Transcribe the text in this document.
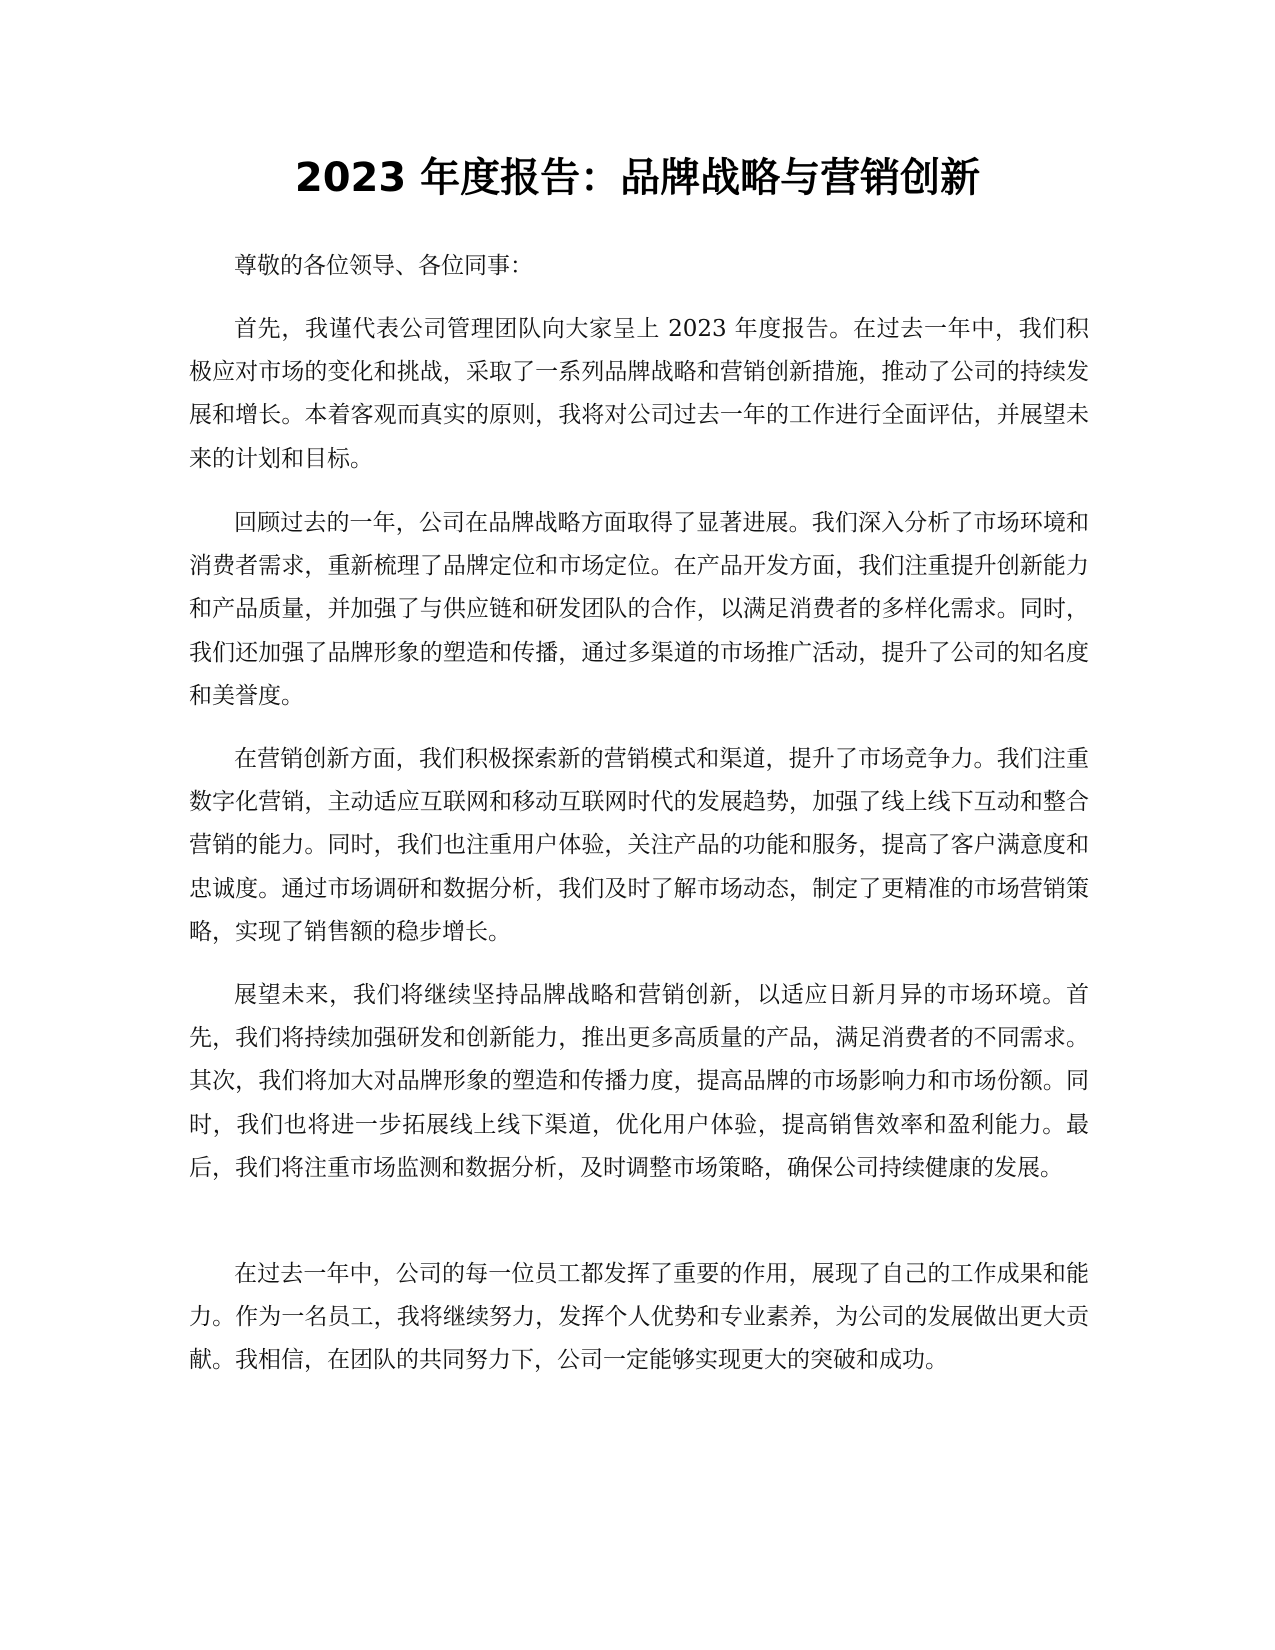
2023 年度报告：品牌战略与营销创新

尊敬的各位领导、各位同事：

首先，我谨代表公司管理团队向大家呈上 2023 年度报告。在过去一年中，我们积极应对市场的变化和挑战，采取了一系列品牌战略和营销创新措施，推动了公司的持续发展和增长。本着客观而真实的原则，我将对公司过去一年的工作进行全面评估，并展望未来的计划和目标。

回顾过去的一年，公司在品牌战略方面取得了显著进展。我们深入分析了市场环境和消费者需求，重新梳理了品牌定位和市场定位。在产品开发方面，我们注重提升创新能力和产品质量，并加强了与供应链和研发团队的合作，以满足消费者的多样化需求。同时，我们还加强了品牌形象的塑造和传播，通过多渠道的市场推广活动，提升了公司的知名度和美誉度。

在营销创新方面，我们积极探索新的营销模式和渠道，提升了市场竞争力。我们注重数字化营销，主动适应互联网和移动互联网时代的发展趋势，加强了线上线下互动和整合营销的能力。同时，我们也注重用户体验，关注产品的功能和服务，提高了客户满意度和忠诚度。通过市场调研和数据分析，我们及时了解市场动态，制定了更精准的市场营销策略，实现了销售额的稳步增长。

展望未来，我们将继续坚持品牌战略和营销创新，以适应日新月异的市场环境。首先，我们将持续加强研发和创新能力，推出更多高质量的产品，满足消费者的不同需求。其次，我们将加大对品牌形象的塑造和传播力度，提高品牌的市场影响力和市场份额。同时，我们也将进一步拓展线上线下渠道，优化用户体验，提高销售效率和盈利能力。最后，我们将注重市场监测和数据分析，及时调整市场策略，确保公司持续健康的发展。

在过去一年中，公司的每一位员工都发挥了重要的作用，展现了自己的工作成果和能力。作为一名员工，我将继续努力，发挥个人优势和专业素养，为公司的发展做出更大贡献。我相信，在团队的共同努力下，公司一定能够实现更大的突破和成功。
